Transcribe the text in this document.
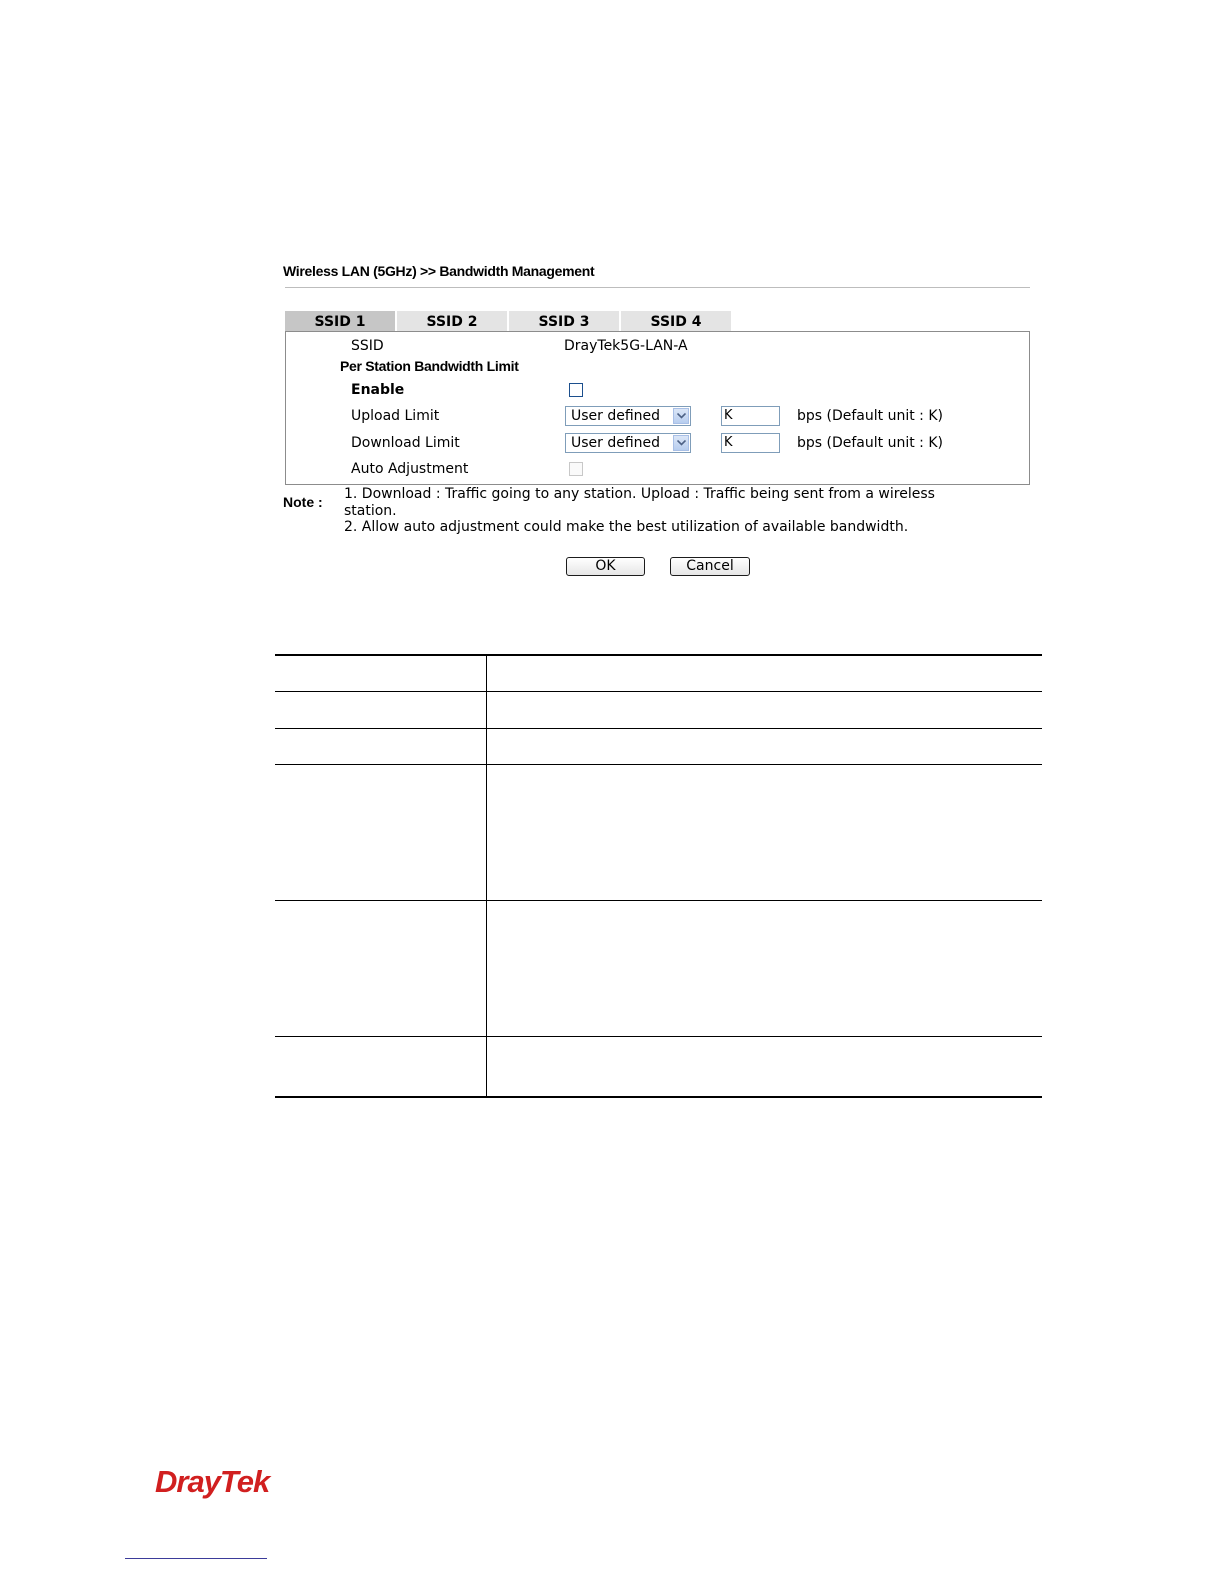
Wireless LAN (5GHz) >> Bandwidth Management
SSID 1	SSID 2	SSID 3	SSID 4
SSID	DrayTek5G-LAN-A
Per Station Bandwidth Limit
Enable
Upload Limit	User defined	K	bps (Default unit : K)
Download Limit	User defined	K	bps (Default unit : K)
Auto Adjustment
Note : 1. Download : Traffic going to any station. Upload : Traffic being sent from a wireless
station.
2. Allow auto adjustment could make the best utilization of available bandwidth.
OK	Cancel
DrayTek
